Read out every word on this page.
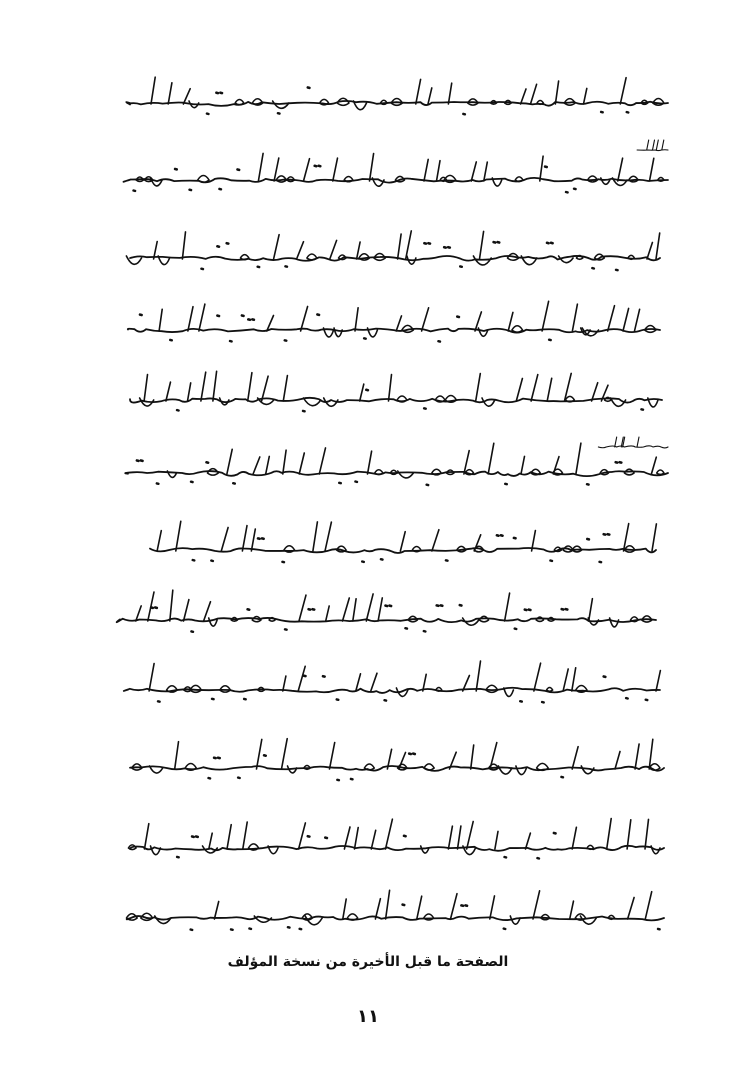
الصفحة ما قبل الأخيرة من نسخة المؤلف
١١
